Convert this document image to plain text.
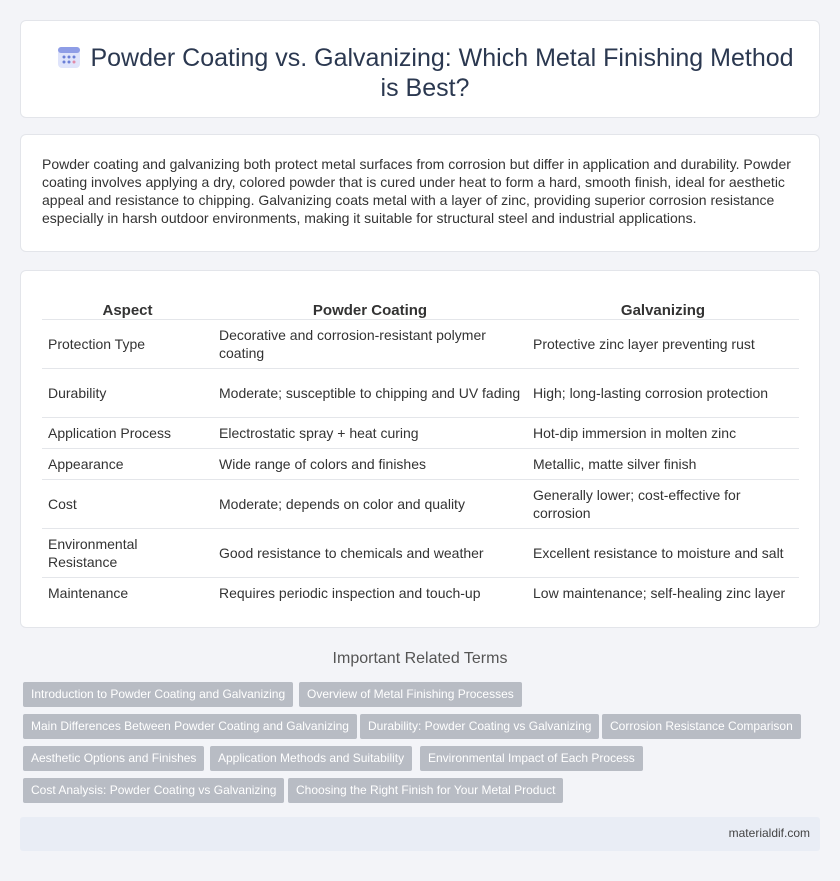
Powder Coating vs. Galvanizing: Which Metal Finishing Method is Best?

Powder coating and galvanizing both protect metal surfaces from corrosion but differ in application and durability. Powder coating involves applying a dry, colored powder that is cured under heat to form a hard, smooth finish, ideal for aesthetic appeal and resistance to chipping. Galvanizing coats metal with a layer of zinc, providing superior corrosion resistance especially in harsh outdoor environments, making it suitable for structural steel and industrial applications.

Aspect	Powder Coating	Galvanizing
Protection Type	Decorative and corrosion-resistant polymer coating	Protective zinc layer preventing rust
Durability	Moderate; susceptible to chipping and UV fading	High; long-lasting corrosion protection
Application Process	Electrostatic spray + heat curing	Hot-dip immersion in molten zinc
Appearance	Wide range of colors and finishes	Metallic, matte silver finish
Cost	Moderate; depends on color and quality	Generally lower; cost-effective for corrosion
Environmental Resistance	Good resistance to chemicals and weather	Excellent resistance to moisture and salt
Maintenance	Requires periodic inspection and touch-up	Low maintenance; self-healing zinc layer
Important Related Terms
Introduction to Powder Coating and Galvanizing	Overview of Metal Finishing Processes
Main Differences Between Powder Coating and Galvanizing	Durability: Powder Coating vs Galvanizing	Corrosion Resistance Comparison
Aesthetic Options and Finishes	Application Methods and Suitability	Environmental Impact of Each Process
Cost Analysis: Powder Coating vs Galvanizing	Choosing the Right Finish for Your Metal Product
materialdif.com
